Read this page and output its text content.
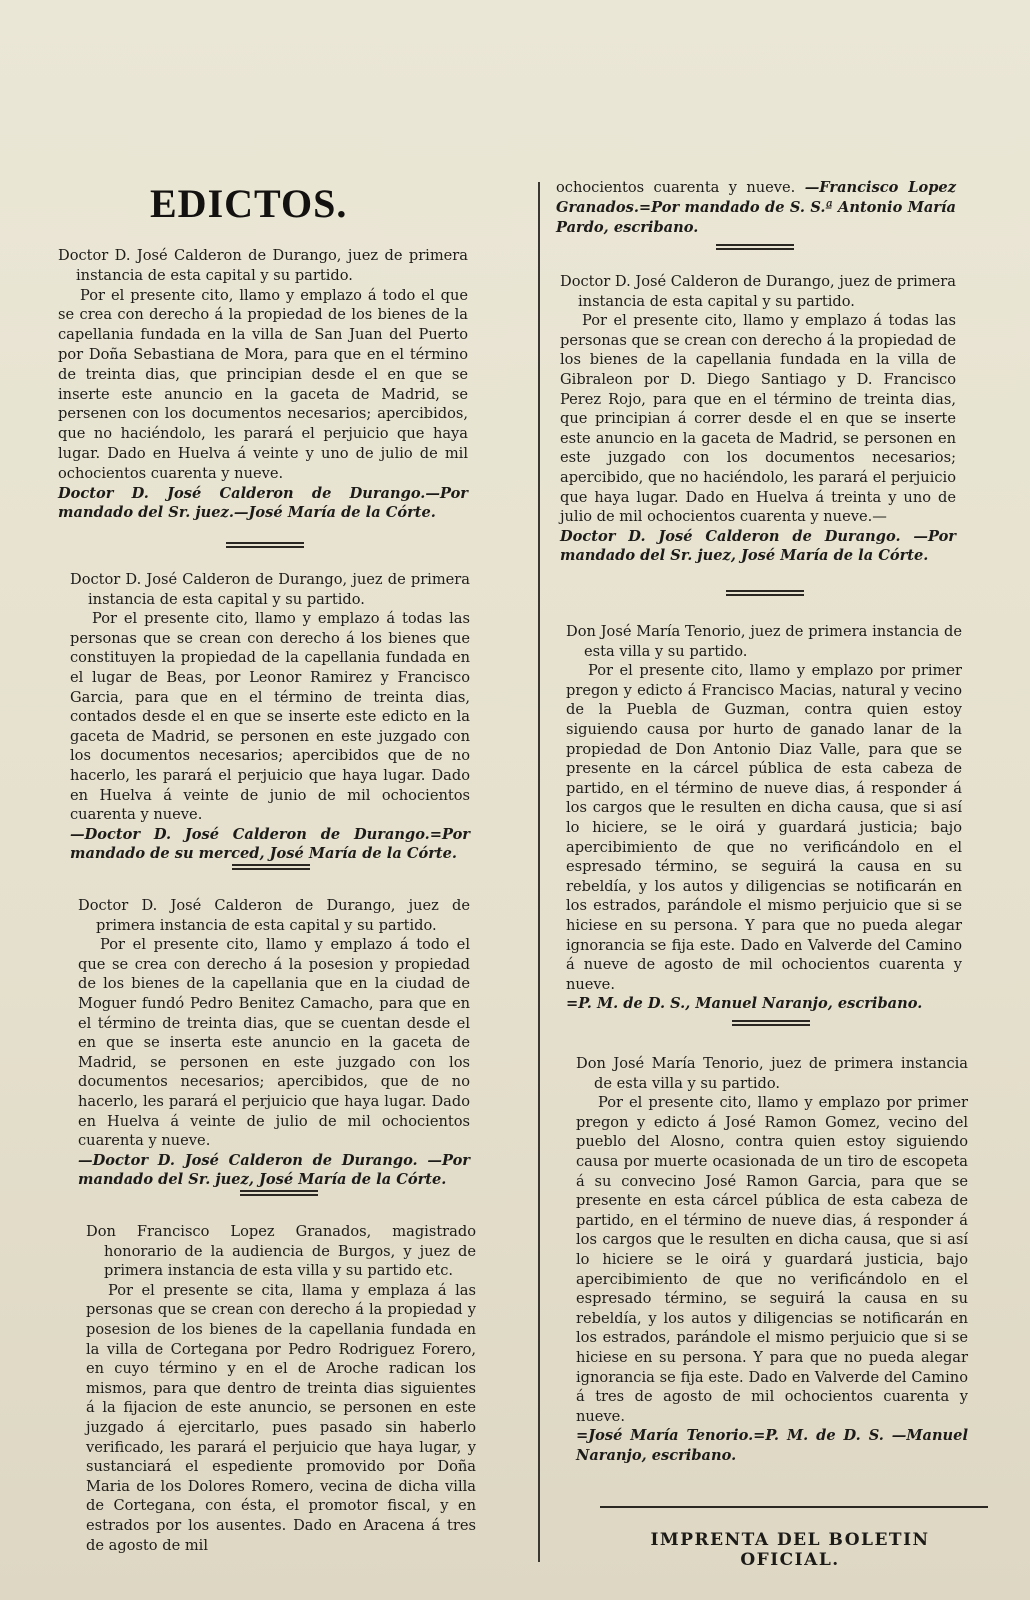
EDICTOS.

Doctor D. José Calderon de Durango, juez de primera instancia de esta capital y su partido.

Por el presente cito, llamo y emplazo á todo el que se crea con derecho á la propiedad de los bienes de la capellania fundada en la villa de San Juan del Puerto por Doña Sebastiana de Mora, para que en el término de treinta dias, que principian desde el en que se inserte este anuncio en la gaceta de Madrid, se persenen con los documentos necesarios; apercibidos, que no haciéndolo, les parará el perjuicio que haya lugar. Dado en Huelva á veinte y uno de julio de mil ochocientos cuarenta y nueve.

Doctor D. José Calderon de Durango.—Por mandado del Sr. juez.—José María de la Córte.

Doctor D. José Calderon de Durango, juez de primera instancia de esta capital y su partido.

Por el presente cito, llamo y emplazo á todas las personas que se crean con derecho á los bienes que constituyen la propiedad de la capellania fundada en el lugar de Beas, por Leonor Ramirez y Francisco Garcia, para que en el término de treinta dias, contados desde el en que se inserte este edicto en la gaceta de Madrid, se personen en este juzgado con los documentos necesarios; apercibidos que de no hacerlo, les parará el perjuicio que haya lugar. Dado en Huelva á veinte de junio de mil ochocientos cuarenta y nueve.

—Doctor D. José Calderon de Durango.=Por mandado de su merced, José María de la Córte.

Doctor D. José Calderon de Durango, juez de primera instancia de esta capital y su partido.

Por el presente cito, llamo y emplazo á todo el que se crea con derecho á la posesion y propiedad de los bienes de la capellania que en la ciudad de Moguer fundó Pedro Benitez Camacho, para que en el término de treinta dias, que se cuentan desde el en que se inserta este anuncio en la gaceta de Madrid, se personen en este juzgado con los documentos necesarios; apercibidos, que de no hacerlo, les parará el perjuicio que haya lugar. Dado en Huelva á veinte de julio de mil ochocientos cuarenta y nueve.

—Doctor D. José Calderon de Durango. —Por mandado del Sr. juez, José María de la Córte.

Don Francisco Lopez Granados, magistrado honorario de la audiencia de Burgos, y juez de primera instancia de esta villa y su partido etc.

Por el presente se cita, llama y emplaza á las personas que se crean con derecho á la propiedad y posesion de los bienes de la capellania fundada en la villa de Cortegana por Pedro Rodriguez Forero, en cuyo término y en el de Aroche radican los mismos, para que dentro de treinta dias siguientes á la fijacion de este anuncio, se personen en este juzgado á ejercitarlo, pues pasado sin haberlo verificado, les parará el perjuicio que haya lugar, y sustanciará el espediente promovido por Doña Maria de los Dolores Romero, vecina de dicha villa de Cortegana, con ésta, el promotor fiscal, y en estrados por los ausentes. Dado en Aracena á tres de agosto de mil

ochocientos cuarenta y nueve. —Francisco Lopez Granados.=Por mandado de S. S.ª Antonio María Pardo, escribano.

Doctor D. José Calderon de Durango, juez de primera instancia de esta capital y su partido.

Por el presente cito, llamo y emplazo á todas las personas que se crean con derecho á la propiedad de los bienes de la capellania fundada en la villa de Gibraleon por D. Diego Santiago y D. Francisco Perez Rojo, para que en el término de treinta dias, que principian á correr desde el en que se inserte este anuncio en la gaceta de Madrid, se personen en este juzgado con los documentos necesarios; apercibido, que no haciéndolo, les parará el perjuicio que haya lugar. Dado en Huelva á treinta y uno de julio de mil ochocientos cuarenta y nueve.—

Doctor D. José Calderon de Durango. —Por mandado del Sr. juez, José María de la Córte.

Don José María Tenorio, juez de primera instancia de esta villa y su partido.

Por el presente cito, llamo y emplazo por primer pregon y edicto á Francisco Macias, natural y vecino de la Puebla de Guzman, contra quien estoy siguiendo causa por hurto de ganado lanar de la propiedad de Don Antonio Diaz Valle, para que se presente en la cárcel pública de esta cabeza de partido, en el término de nueve dias, á responder á los cargos que le resulten en dicha causa, que si así lo hiciere, se le oirá y guardará justicia; bajo apercibimiento de que no verificándolo en el espresado término, se seguirá la causa en su rebeldía, y los autos y diligencias se notificarán en los estrados, parándole el mismo perjuicio que si se hiciese en su persona. Y para que no pueda alegar ignorancia se fija este. Dado en Valverde del Camino á nueve de agosto de mil ochocientos cuarenta y nueve.

=P. M. de D. S., Manuel Naranjo, escribano.

Don José María Tenorio, juez de primera instancia de esta villa y su partido.

Por el presente cito, llamo y emplazo por primer pregon y edicto á José Ramon Gomez, vecino del pueblo del Alosno, contra quien estoy siguiendo causa por muerte ocasionada de un tiro de escopeta á su convecino José Ramon Garcia, para que se presente en esta cárcel pública de esta cabeza de partido, en el término de nueve dias, á responder á los cargos que le resulten en dicha causa, que si así lo hiciere se le oirá y guardará justicia, bajo apercibimiento de que no verificándolo en el espresado término, se seguirá la causa en su rebeldía, y los autos y diligencias se notificarán en los estrados, parándole el mismo perjuicio que si se hiciese en su persona. Y para que no pueda alegar ignorancia se fija este. Dado en Valverde del Camino á tres de agosto de mil ochocientos cuarenta y nueve.

=José María Tenorio.=P. M. de D. S. —Manuel Naranjo, escribano.

IMPRENTA DEL BOLETIN OFICIAL.
